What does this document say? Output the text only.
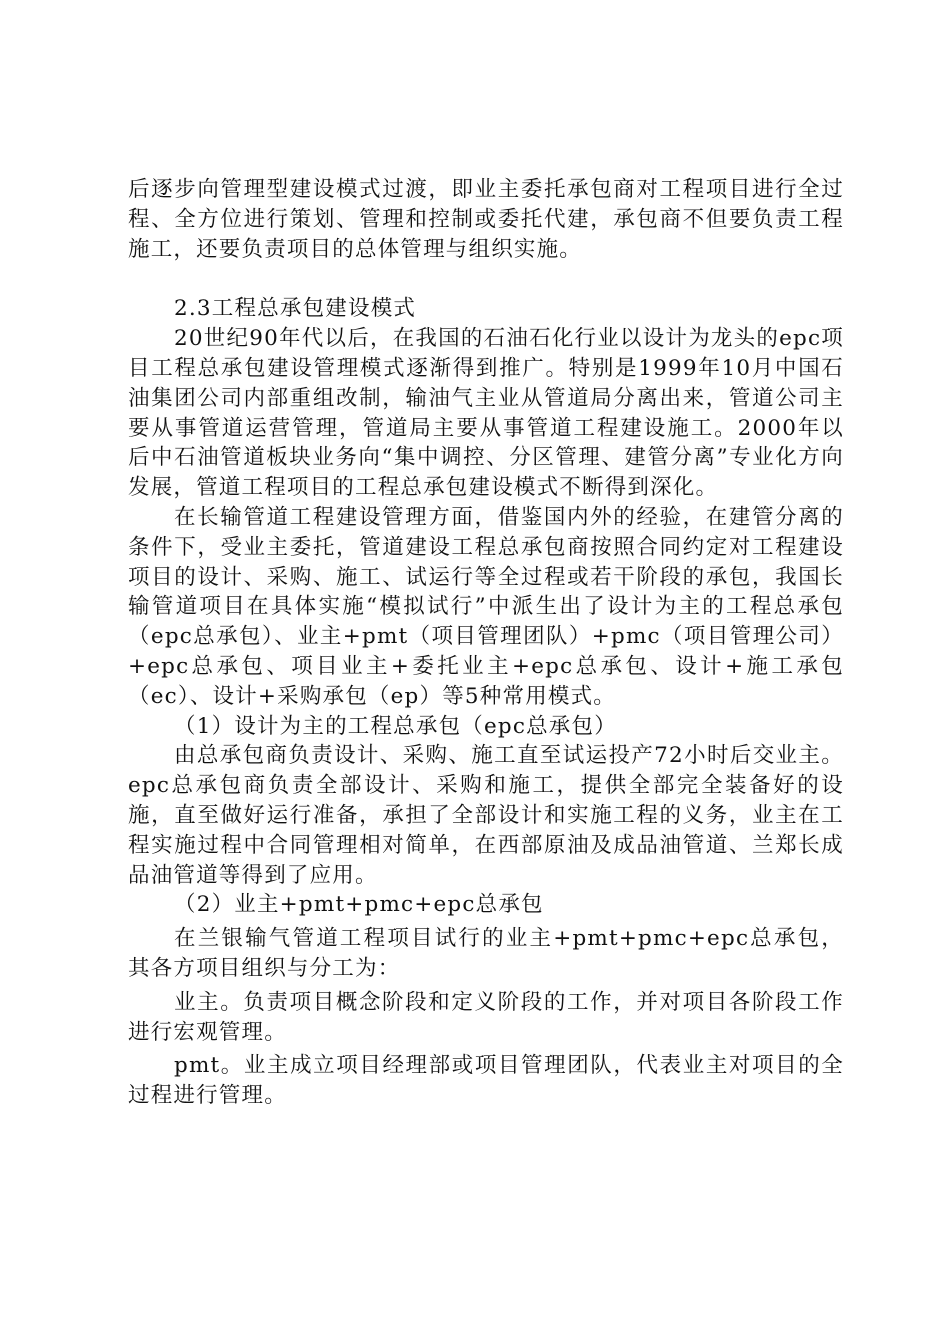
后逐步向管理型建设模式过渡，即业主委托承包商对工程项目进行全过程、全方位进行策划、管理和控制或委托代建，承包商不但要负责工程施工，还要负责项目的总体管理与组织实施。

2.3工程总承包建设模式

20世纪90年代以后，在我国的石油石化行业以设计为龙头的epc项目工程总承包建设管理模式逐渐得到推广。特别是1999年10月中国石油集团公司内部重组改制，输油气主业从管道局分离出来，管道公司主要从事管道运营管理，管道局主要从事管道工程建设施工。2000年以后中石油管道板块业务向“集中调控、分区管理、建管分离”专业化方向发展，管道工程项目的工程总承包建设模式不断得到深化。

在长输管道工程建设管理方面，借鉴国内外的经验，在建管分离的条件下，受业主委托，管道建设工程总承包商按照合同约定对工程建设项目的设计、采购、施工、试运行等全过程或若干阶段的承包，我国长输管道项目在具体实施“模拟试行”中派生出了设计为主的工程总承包（epc总承包）、业主+pmt（项目管理团队）+pmc（项目管理公司）+epc总承包、项目业主+委托业主+epc总承包、设计+施工承包（ec）、设计+采购承包（ep）等5种常用模式。

（1）设计为主的工程总承包（epc总承包）

由总承包商负责设计、采购、施工直至试运投产72小时后交业主。epc总承包商负责全部设计、采购和施工，提供全部完全装备好的设施，直至做好运行准备，承担了全部设计和实施工程的义务，业主在工程实施过程中合同管理相对简单，在西部原油及成品油管道、兰郑长成品油管道等得到了应用。

（2）业主+pmt+pmc+epc总承包

在兰银输气管道工程项目试行的业主+pmt+pmc+epc总承包，其各方项目组织与分工为：

业主。负责项目概念阶段和定义阶段的工作，并对项目各阶段工作进行宏观管理。

pmt。业主成立项目经理部或项目管理团队，代表业主对项目的全过程进行管理。
